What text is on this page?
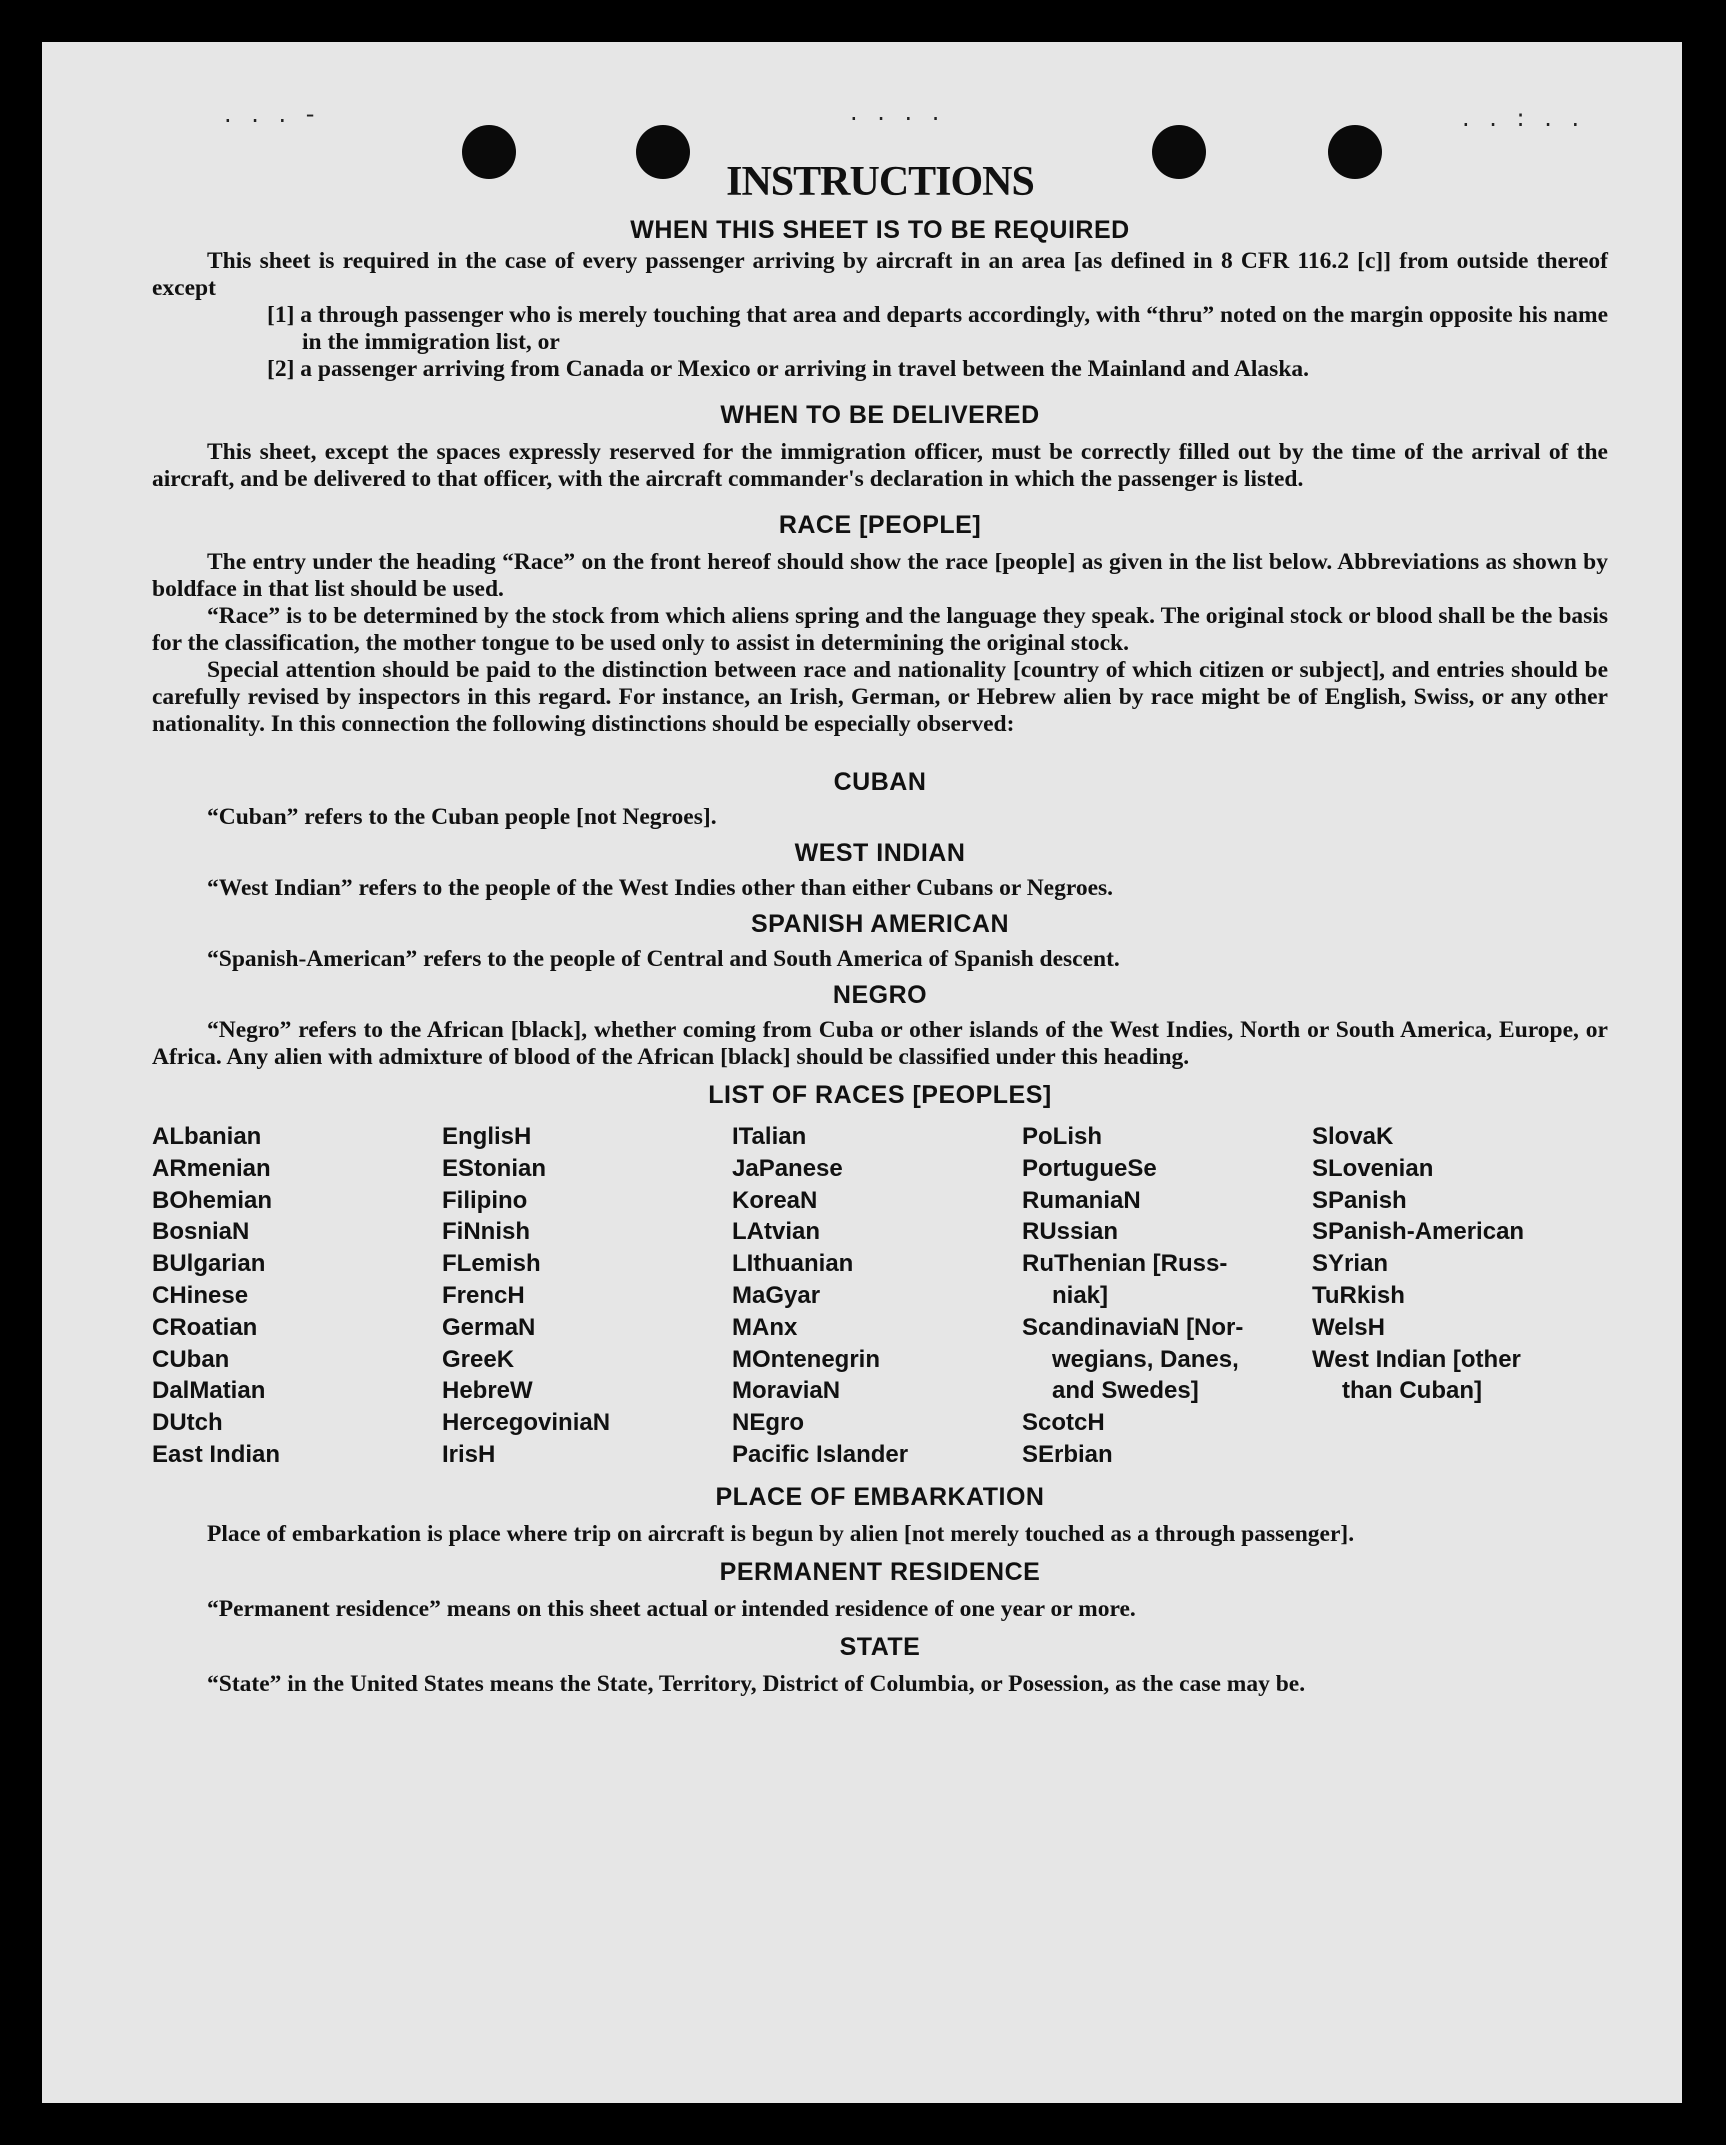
. . . -	. . . .	. . : . .
INSTRUCTIONS
WHEN THIS SHEET IS TO BE REQUIRED

This sheet is required in the case of every passenger arriving by aircraft in an area [as defined in 8 CFR 116.2 [c]] from outside thereof except

[1] a through passenger who is merely touching that area and departs accordingly, with “thru” noted on the margin opposite his name in the immigration list, or
[2] a passenger arriving from Canada or Mexico or arriving in travel between the Mainland and Alaska.
WHEN TO BE DELIVERED

This sheet, except the spaces expressly reserved for the immigration officer, must be correctly filled out by the time of the arrival of the aircraft, and be delivered to that officer, with the aircraft commander's declaration in which the passenger is listed.

RACE [PEOPLE]

The entry under the heading “Race” on the front hereof should show the race [people] as given in the list below. Abbreviations as shown by boldface in that list should be used.

“Race” is to be determined by the stock from which aliens spring and the language they speak. The original stock or blood shall be the basis for the classification, the mother tongue to be used only to assist in determining the original stock.

Special attention should be paid to the distinction between race and nationality [country of which citizen or subject], and entries should be carefully revised by inspectors in this regard. For instance, an Irish, German, or Hebrew alien by race might be of English, Swiss, or any other nationality. In this connection the following distinctions should be especially observed:

CUBAN

“Cuban” refers to the Cuban people [not Negroes].

WEST INDIAN

“West Indian” refers to the people of the West Indies other than either Cubans or Negroes.

SPANISH AMERICAN

“Spanish-American” refers to the people of Central and South America of Spanish descent.

NEGRO

“Negro” refers to the African [black], whether coming from Cuba or other islands of the West Indies, North or South America, Europe, or Africa. Any alien with admixture of blood of the African [black] should be classified under this heading.

LIST OF RACES [PEOPLES]
ALbanian
ARmenian
BOhemian
BosniaN
BUlgarian
CHinese
CRoatian
CUban
DalMatian
DUtch
East Indian
EnglisH
EStonian
Filipino
FiNnish
FLemish
FrencH
GermaN
GreeK
HebreW
HercegoviniaN
IrisH
ITalian
JaPanese
KoreaN
LAtvian
LIthuanian
MaGyar
MAnx
MOntenegrin
MoraviaN
NEgro
Pacific Islander
PoLish
PortugueSe
RumaniaN
RUssian
RuThenian [Russ-
niak]
ScandinaviaN [Nor-
wegians, Danes,
and Swedes]
ScotcH
SErbian
SlovaK
SLovenian
SPanish
SPanish-American
SYrian
TuRkish
WelsH
West Indian [other
than Cuban]
PLACE OF EMBARKATION

Place of embarkation is place where trip on aircraft is begun by alien [not merely touched as a through passenger].

PERMANENT RESIDENCE

“Permanent residence” means on this sheet actual or intended residence of one year or more.

STATE

“State” in the United States means the State, Territory, District of Columbia, or Posession, as the case may be.
